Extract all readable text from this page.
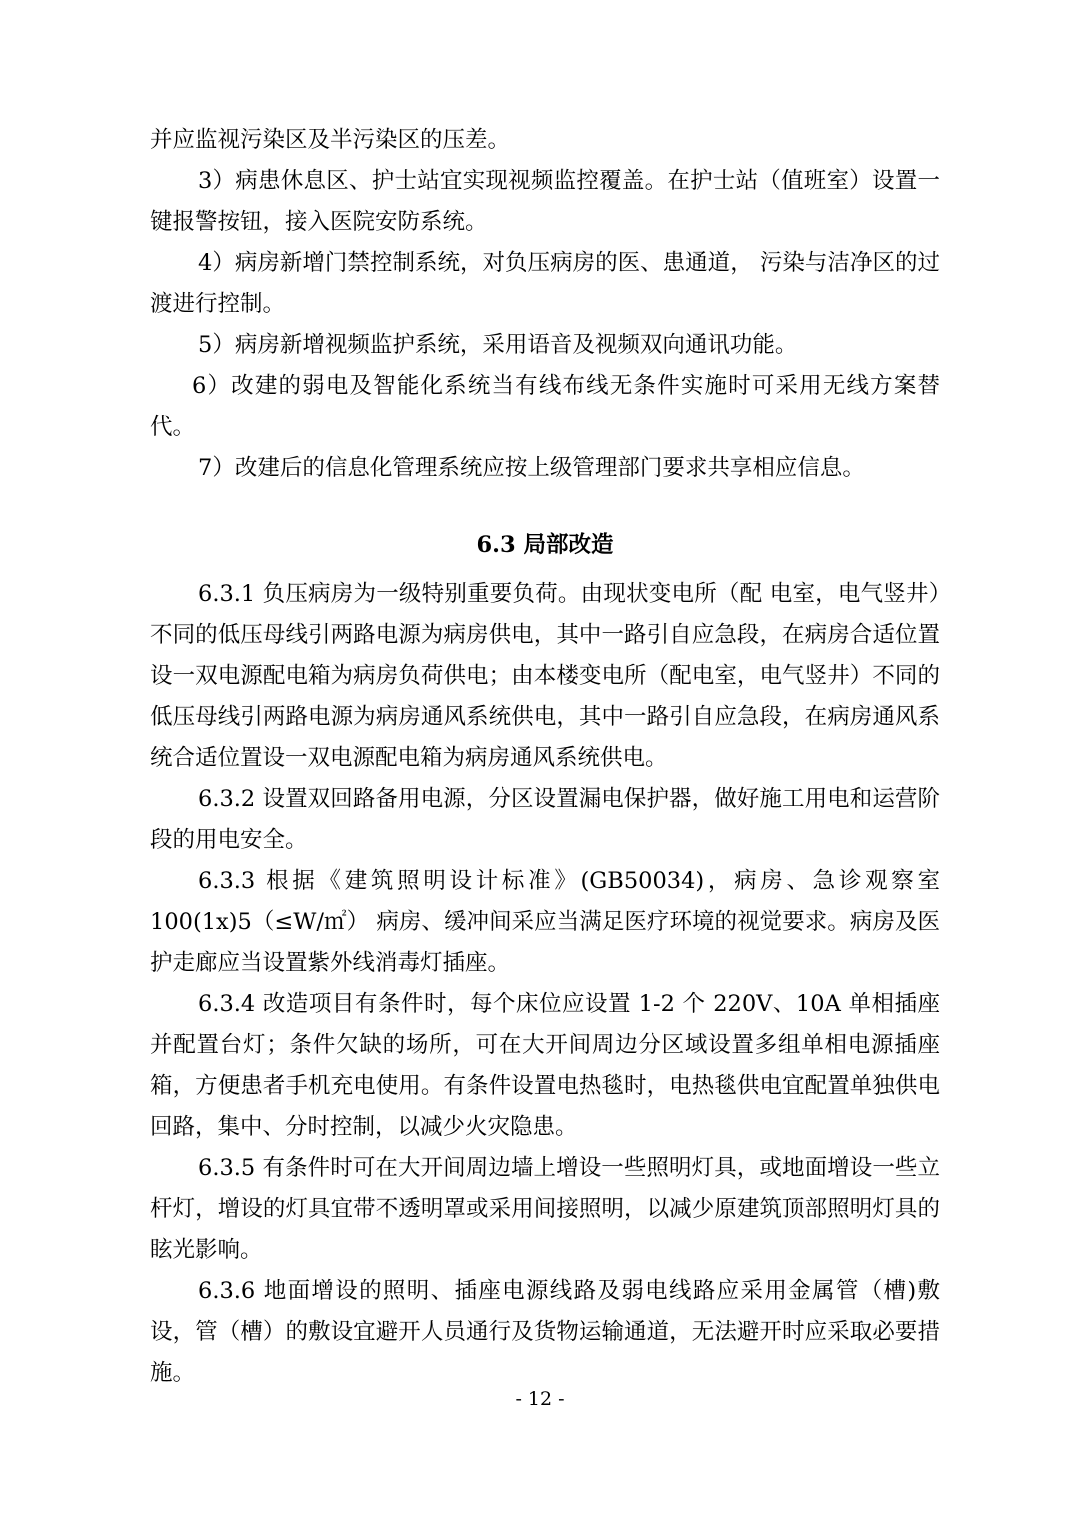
并应监视污染区及半污染区的压差。

3）病患休息区、护士站宜实现视频监控覆盖。在护士站（值班室）设置一键报警按钮，接入医院安防系统。

4）病房新增门禁控制系统，对负压病房的医、患通道， 污染与洁净区的过渡进行控制。

5）病房新增视频监护系统，采用语音及视频双向通讯功能。

6）改建的弱电及智能化系统当有线布线无条件实施时可采用无线方案替代。

7）改建后的信息化管理系统应按上级管理部门要求共享相应信息。

6.3 局部改造

6.3.1 负压病房为一级特别重要负荷。由现状变电所（配 电室，电气竖井）不同的低压母线引两路电源为病房供电，其中一路引自应急段，在病房合适位置设一双电源配电箱为病房负荷供电；由本楼变电所（配电室，电气竖井）不同的低压母线引两路电源为病房通风系统供电，其中一路引自应急段，在病房通风系统合适位置设一双电源配电箱为病房通风系统供电。

6.3.2 设置双回路备用电源，分区设置漏电保护器，做好施工用电和运营阶段的用电安全。

6.3.3 根据《建筑照明设计标准》(GB50034)，病房、急诊观察室 100(1x)5（≤W/㎡） 病房、缓冲间采应当满足医疗环境的视觉要求。病房及医护走廊应当设置紫外线消毒灯插座。

6.3.4 改造项目有条件时，每个床位应设置 1-2 个 220V、10A 单相插座并配置台灯；条件欠缺的场所，可在大开间周边分区域设置多组单相电源插座箱，方便患者手机充电使用。有条件设置电热毯时，电热毯供电宜配置单独供电回路，集中、分时控制，以减少火灾隐患。

6.3.5 有条件时可在大开间周边墙上增设一些照明灯具，或地面增设一些立杆灯，增设的灯具宜带不透明罩或采用间接照明，以减少原建筑顶部照明灯具的眩光影响。

6.3.6 地面增设的照明、插座电源线路及弱电线路应采用金属管（槽)敷设，管（槽）的敷设宜避开人员通行及货物运输通道，无法避开时应采取必要措施。

- 12 -
